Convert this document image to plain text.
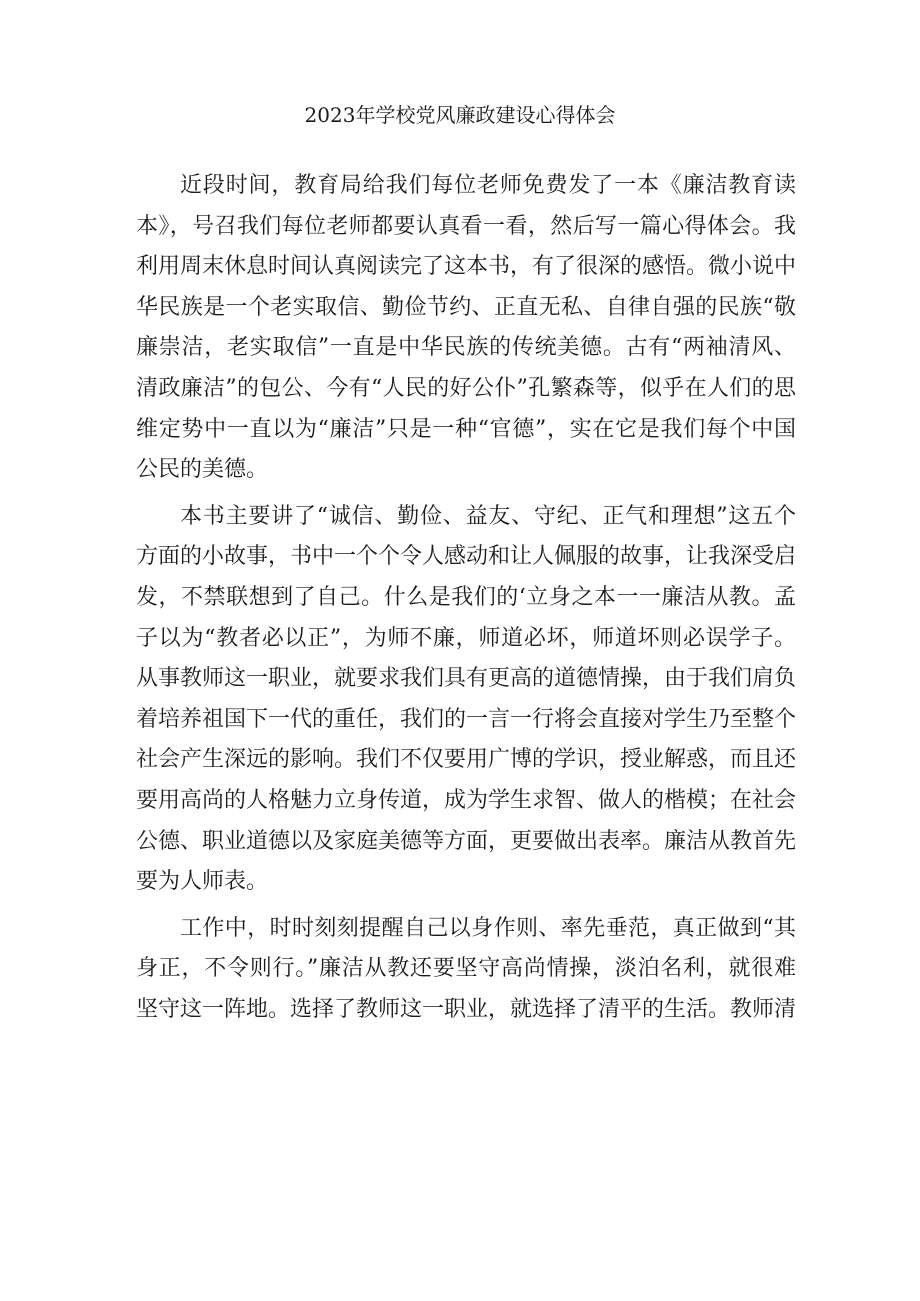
2023年学校党风廉政建设心得体会

近段时间，教育局给我们每位老师免费发了一本《廉洁教育读本》，号召我们每位老师都要认真看一看，然后写一篇心得体会。我利用周末休息时间认真阅读完了这本书，有了很深的感悟。微小说中华民族是一个老实取信、勤俭节约、正直无私、自律自强的民族“敬廉崇洁，老实取信”一直是中华民族的传统美德。古有“两袖清风、清政廉洁”的包公、今有“人民的好公仆”孔繁森等，似乎在人们的思维定势中一直以为“廉洁”只是一种“官德”，实在它是我们每个中国公民的美德。

本书主要讲了“诚信、勤俭、益友、守纪、正气和理想”这五个方面的小故事，书中一个个令人感动和让人佩服的故事，让我深受启发，不禁联想到了自己。什么是我们的‘立身之本一一廉洁从教。孟子以为“教者必以正”，为师不廉，师道必坏，师道坏则必误学子。从事教师这一职业，就要求我们具有更高的道德情操，由于我们肩负着培养祖国下一代的重任，我们的一言一行将会直接对学生乃至整个社会产生深远的影响。我们不仅要用广博的学识，授业解惑，而且还要用高尚的人格魅力立身传道，成为学生求智、做人的楷模；在社会公德、职业道德以及家庭美德等方面，更要做出表率。廉洁从教首先要为人师表。

工作中，时时刻刻提醒自己以身作则、率先垂范，真正做到“其身正，不令则行。”廉洁从教还要坚守高尚情操，淡泊名利，就很难坚守这一阵地。选择了教师这一职业，就选择了清平的生活。教师清
